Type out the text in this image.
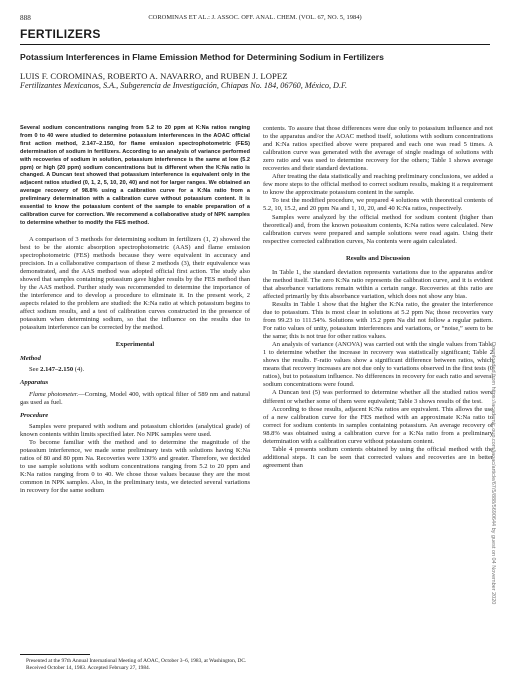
888	COROMINAS ET AL.: J. ASSOC. OFF. ANAL. CHEM. (VOL. 67, NO. 5, 1984)
FERTILIZERS
Potassium Interferences in Flame Emission Method for Determining Sodium in Fertilizers
LUIS F. COROMINAS, ROBERTO A. NAVARRO, and RUBEN J. LOPEZ
Fertilizantes Mexicanos, S.A., Subgerencia de Investigación, Chiapas No. 184, 06760, México, D.F.

Several sodium concentrations ranging from 5.2 to 20 ppm at K:Na ratios ranging from 0 to 40 were studied to determine potassium interferences in the AOAC official first action method, 2.147–2.150, for flame emission spectrophotometric (FES) determination of sodium in fertilizers. According to an analysis of variance performed with recoveries of sodium in solution, potassium interference is the same at low (5.2 ppm) or high (20 ppm) sodium concentrations but is different when the K:Na ratio is changed. A Duncan test showed that potassium interference is equivalent only in the adjacent ratios studied (0, 1, 2, 5, 10, 20, 40) and not for larger ranges. We obtained an average recovery of 98.8% using a calibration curve for a K:Na ratio from a preliminary determination with a calibration curve without potassium content. It is essential to know the potassium content of the sample to enable preparation of a calibration curve for correction. We recommend a collaborative study of NPK samples to determine whether to modify the FES method.

A comparison of 3 methods for determining sodium in fertilizers (1, 2) showed the best to be the atomic absorption spectrophotometric (AAS) and flame emission spectrophotometric (FES) methods because they were equivalent in accuracy and precision. In a collaborative comparison of these 2 methods (3), their equivalence was demonstrated, and the AAS method was adopted official first action. The study also showed that samples containing potassium gave higher results by the FES method than by the AAS method. Further study was recommended to determine the importance of the interference and to develop a procedure to eliminate it. In the present work, 2 aspects related to the problem are studied: the K:Na ratio at which potassium begins to affect sodium results, and a test of calibration curves constructed in the presence of potassium when determining sodium, so that the influence on the results due to potassium interference can be corrected by the method.

Experimental
Method
See 2.147–2.150 (4).
Apparatus

Flame photometer.—Corning, Model 400, with optical filter of 589 nm and natural gas used as fuel.

Procedure

Samples were prepared with sodium and potassium chlorides (analytical grade) of known contents within limits specified later. No NPK samples were used.

To become familiar with the method and to determine the magnitude of the potassium interference, we made some preliminary tests with solutions having K:Na ratios of 80 and 80 ppm Na. Recoveries were 130% and greater. Therefore, we decided to use sample solutions with sodium concentrations ranging from 5.2 to 20 ppm and K:Na ratios ranging from 0 to 40. We chose those values because they are the most common in NPK samples. Also, in the preliminary tests, we detected several variations in recovery for the same sodium

contents. To assure that those differences were due only to potassium influence and not to the apparatus and/or the AOAC method itself, solutions with sodium concentrations and K:Na ratios specified above were prepared and each one was read 5 times. A calibration curve was generated with the average of single readings of solutions with zero ratio and was used to determine recovery for the others; Table 1 shows average recoveries and their standard deviations.

After treating the data statistically and reaching preliminary conclusions, we added a few more steps to the official method to correct sodium results, making it a requirement to know the approximate potassium content in the sample.

To test the modified procedure, we prepared 4 solutions with theoretical contents of 5.2, 10, 15.2, and 20 ppm Na and 1, 10, 20, and 40 K:Na ratios, respectively.

Samples were analyzed by the official method for sodium content (higher than theoretical) and, from the known potassium contents, K:Na ratios were calculated. New calibration curves were prepared and sample solutions were read again. Using their respective corrected calibration curves, Na contents were again calculated.

Results and Discussion

In Table 1, the standard deviation represents variations due to the apparatus and/or the method itself. The zero K:Na ratio represents the calibration curve, and it is evident that absorbance variations remain within a certain range. Recoveries at this ratio are affected primarily by this absorbance variation, which does not show any bias.

Results in Table 1 show that the higher the K:Na ratio, the greater the interference due to potassium. This is most clear in solutions at 5.2 ppm Na; those recoveries vary from 99.23 to 111.54%. Solutions with 15.2 ppm Na did not follow a regular pattern. For ratio values of unity, potassium interferences and variations, or “noise,” seem to be the same; this is not true for other ratios values.

An analysis of variance (ANOVA) was carried out with the single values from Table 1 to determine whether the increase in recovery was statistically significant; Table 2 shows the results. F-ratio values show a significant difference between ratios, which means that recovery increases are not due only to variations observed in the first tests (0 ratios), but to potassium influence. No differences in recovery for each ratio and several sodium concentrations were found.

A Duncan test (5) was performed to determine whether all the studied ratios were different or whether some of them were equivalent; Table 3 shows results of the test.

According to those results, adjacent K:Na ratios are equivalent. This allows the use of a new calibration curve for the FES method with an approximate K:Na ratio to correct for sodium contents in samples containing potassium. An average recovery of 98.8% was obtained using a calibration curve for a K:Na ratio from a preliminary determination with a calibration curve without potassium content.

Table 4 presents sodium contents obtained by using the official method with the additional steps. It can be seen that corrected values and recoveries are in better agreement than

Presented at the 97th Annual International Meeting of AOAC, October 3–6, 1983, at Washington, DC.
Received October 14, 1983. Accepted February 27, 1984.
Downloaded from https://academic.oup.com/jaoac/article/67/5/888/5690644 by guest on 04 November 2020
